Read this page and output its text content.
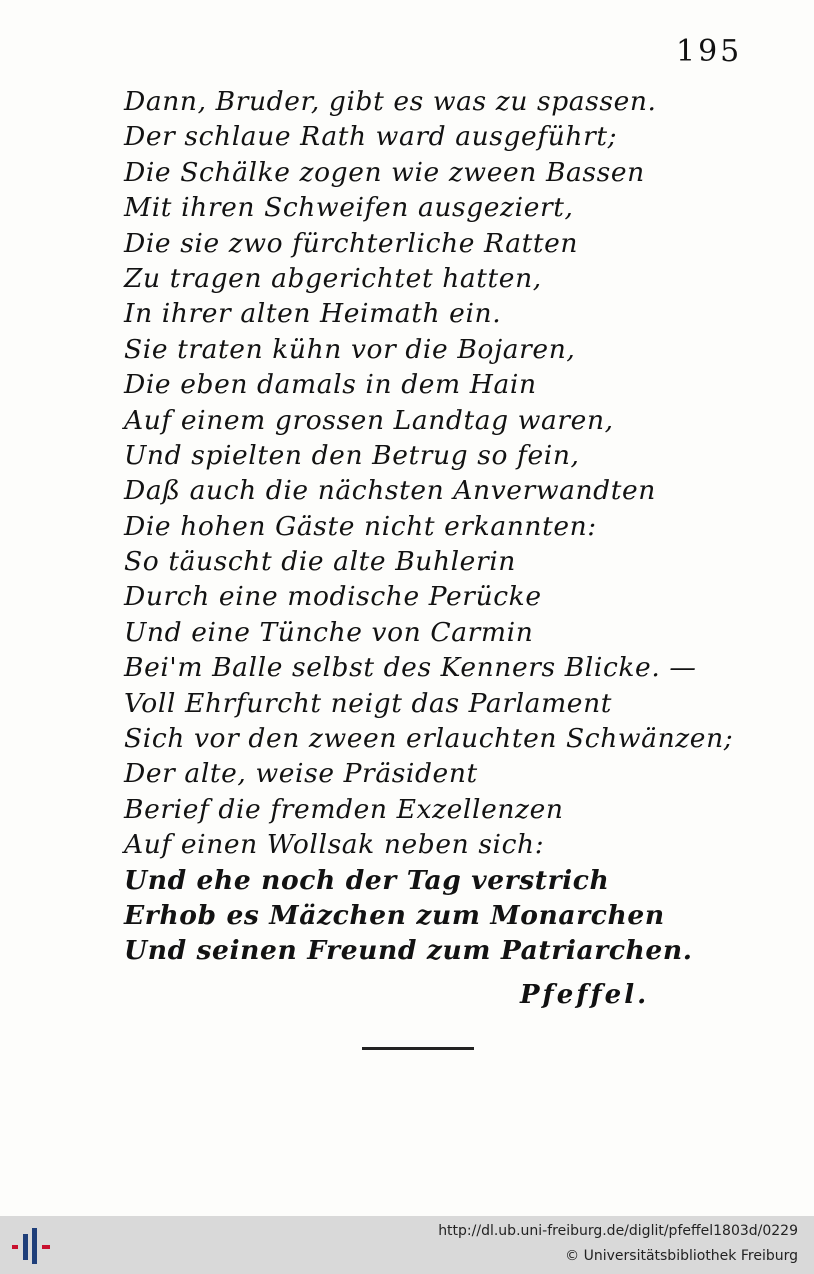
195
Dann, Bruder, gibt es was zu spassen.
Der schlaue Rath ward ausgeführt;
Die Schälke zogen wie zween Bassen
Mit ihren Schweifen ausgeziert,
Die sie zwo fürchterliche Ratten
Zu tragen abgerichtet hatten,
In ihrer alten Heimath ein.
Sie traten kühn vor die Bojaren,
Die eben damals in dem Hain
Auf einem grossen Landtag waren,
Und spielten den Betrug so fein,
Daß auch die nächsten Anverwandten
Die hohen Gäste nicht erkannten:
So täuscht die alte Buhlerin
Durch eine modische Perücke
Und eine Tünche von Carmin
Bei'm Balle selbst des Kenners Blicke. —
Voll Ehrfurcht neigt das Parlament
Sich vor den zween erlauchten Schwänzen;
Der alte, weise Präsident
Berief die fremden Exzellenzen
Auf einen Wollsak neben sich:
Und ehe noch der Tag verstrich
Erhob es Mäzchen zum Monarchen
Und seinen Freund zum Patriarchen.
Pfeffel.
http://dl.ub.uni-freiburg.de/diglit/pfeffel1803d/0229
© Universitätsbibliothek Freiburg
